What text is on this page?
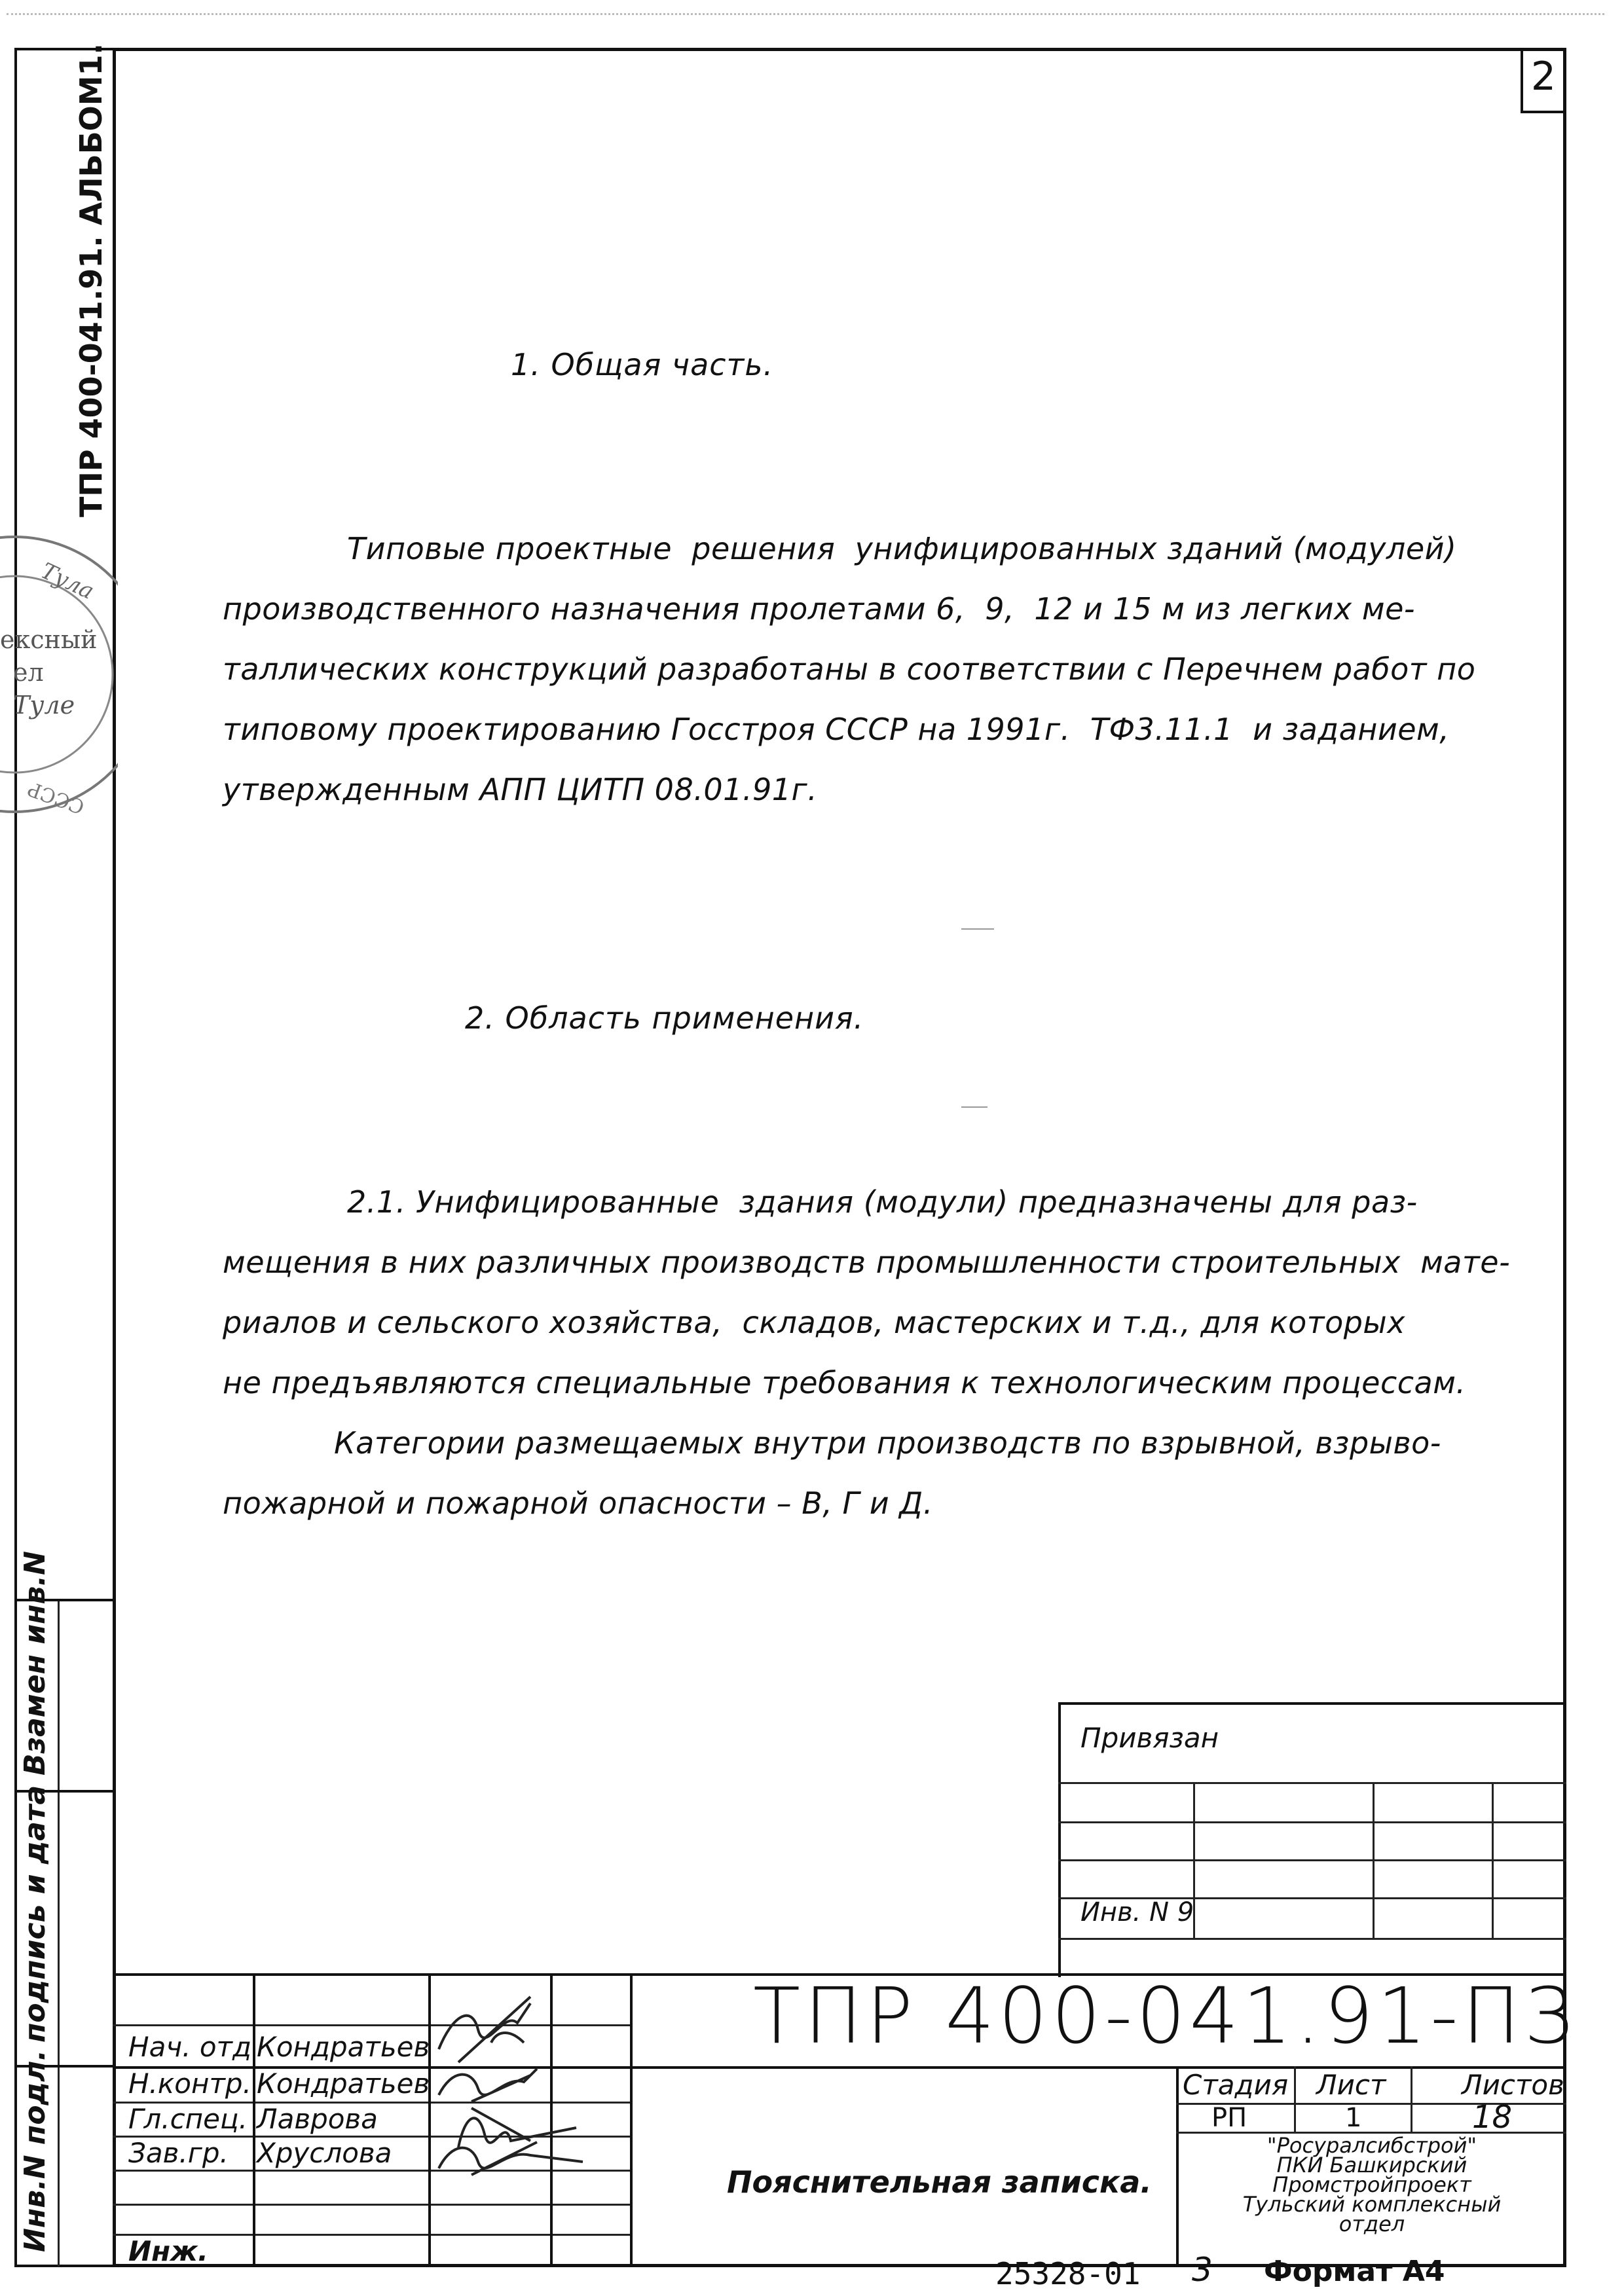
2
ТПР 400-041.91. АЛЬБОМ1.
Тула
ексный
ел
Туле
СССР
1. Общая часть.
Типовые проектные  решения  унифицированных зданий (модулей)
производственного назначения пролетами 6,  9,  12 и 15 м из легких ме-
таллических конструкций разработаны в соответствии с Перечнем работ по
типовому проектированию Госстроя СССР на 1991г.  ТФ3.11.1  и заданием,
утвержденным АПП ЦИТП 08.01.91г.
2. Область применения.
2.1. Унифицированные  здания (модули) предназначены для раз-
мещения в них различных производств промышленности строительных  мате-
риалов и сельского хозяйства,  складов, мастерских и т.д., для которых
не предъявляются специальные требования к технологическим процессам.
Категории размещаемых внутри производств по взрывной, взрыво-
пожарной и пожарной опасности – В, Г и Д.
Привязан
Инв. N 9
Взамен инв.N
подпись и дата
Инв.N подл.
ТПР 400-041.91-ПЗ
Нач. отд Кондратьев
Н.контр. Кондратьев
Гл.спец. Лаврова
Зав.гр. Хруслова
Инж.
Пояснительная записка.
Стадия Лист	Листов
РП	1	18
"Росуралсибстрой"
ПКИ Башкирский
Промстройпроект
Тульский комплексный
отдел
25328-01 3 Формат А4
